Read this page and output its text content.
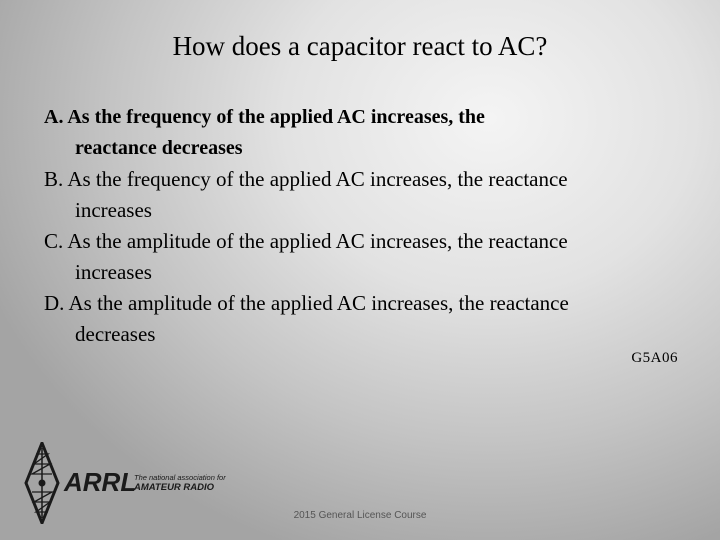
How does a capacitor react to AC?
A. As the frequency of the applied AC increases, the
reactance decreases
B. As the frequency of the applied AC increases, the reactance
increases
C. As the amplitude of the applied AC increases, the reactance
increases
D. As the amplitude of the applied AC increases, the reactance
decreases
G5A06
ARRL
The national association for
AMATEUR RADIO
2015 General License Course
